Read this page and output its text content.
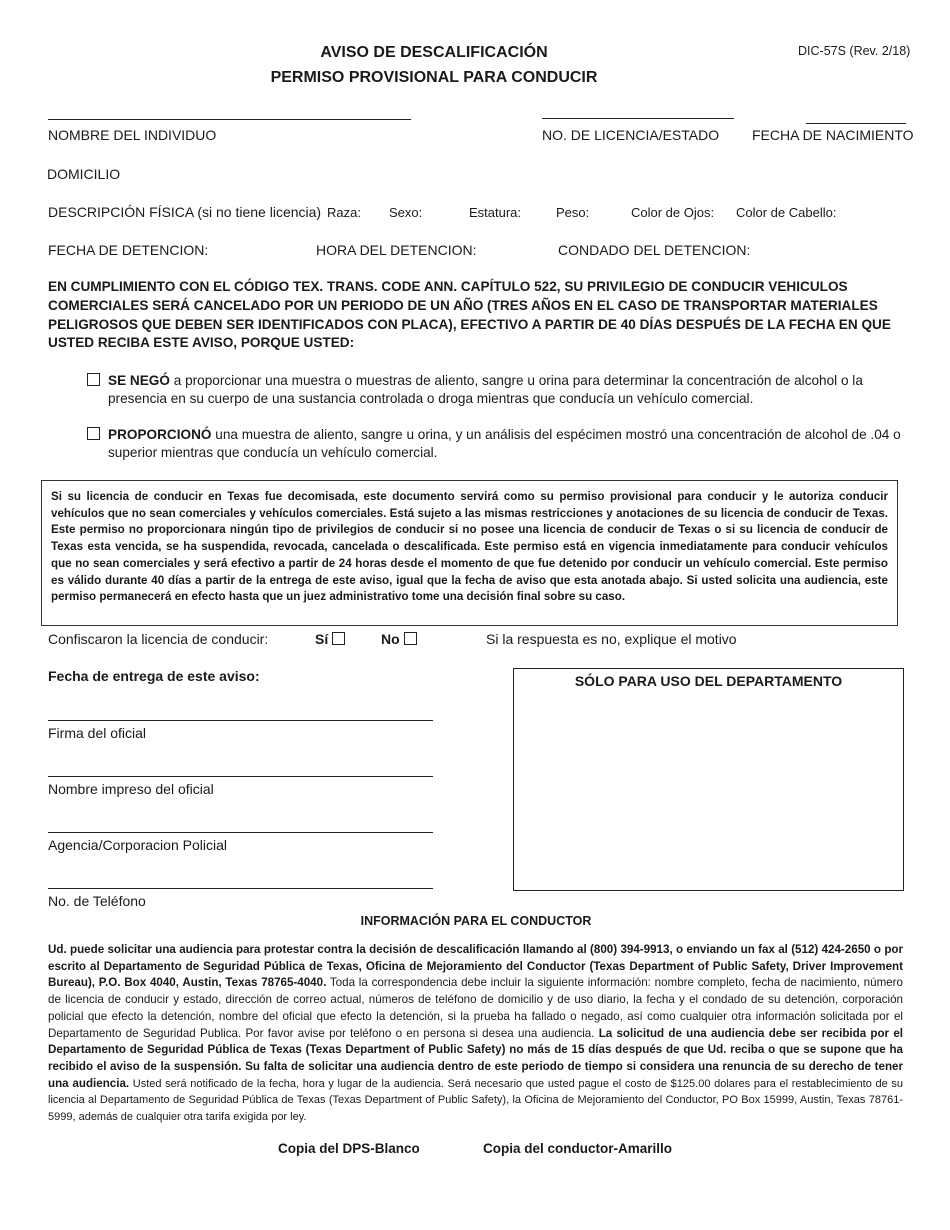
AVISO DE DESCALIFICACIÓN
PERMISO PROVISIONAL PARA CONDUCIR
DIC-57S (Rev. 2/18)
NOMBRE DEL INDIVIDUO	NO. DE LICENCIA/ESTADO FECHA DE NACIMIENTO
DOMICILIO
DESCRIPCIÓN FÍSICA (si no tiene licencia) Raza: Sexo:	Estatura:	Peso:	Color de Ojos: Color de Cabello:
FECHA DE DETENCION:	HORA DEL DETENCION:	CONDADO DEL DETENCION:
EN CUMPLIMIENTO CON EL CÓDIGO TEX. TRANS. CODE ANN. CAPÍTULO 522, SU PRIVILEGIO DE CONDUCIR VEHICULOS COMERCIALES SERÁ CANCELADO POR UN PERIODO DE UN AÑO (TRES AÑOS EN EL CASO DE TRANSPORTAR MATERIALES PELIGROSOS QUE DEBEN SER IDENTIFICADOS CON PLACA), EFECTIVO A PARTIR DE 40 DÍAS DESPUÉS DE LA FECHA EN QUE USTED RECIBA ESTE AVISO, PORQUE USTED:
SE NEGÓ a proporcionar una muestra o muestras de aliento, sangre u orina para determinar la concentración de alcohol o la presencia en su cuerpo de una sustancia controlada o droga mientras que conducía un vehículo comercial.
PROPORCIONÓ una muestra de aliento, sangre u orina, y un análisis del espécimen mostró una concentración de alcohol de .04 o superior mientras que conducía un vehículo comercial.
Si su licencia de conducir en Texas fue decomisada, este documento servirá como su permiso provisional para conducir y le autoriza conducir vehículos que no sean comerciales y vehículos comerciales. Está sujeto a las mismas restricciones y anotaciones de su licencia de conducir de Texas. Este permiso no proporcionara ningún tipo de privilegios de conducir si no posee una licencia de conducir de Texas o si su licencia de conducir de Texas esta vencida, se ha suspendida, revocada, cancelada o descalificada. Este permiso está en vigencia inmediatamente para conducir vehículos que no sean comerciales y será efectivo a partir de 24 horas desde el momento de que fue detenido por conducir un vehículo comercial. Este permiso es válido durante 40 días a partir de la entrega de este aviso, igual que la fecha de aviso que esta anotada abajo. Si usted solicita una audiencia, este permiso permanecerá en efecto hasta que un juez administrativo tome una decisión final sobre su caso.
Confiscaron la licencia de conducir:	Sí	No	Si la respuesta es no, explique el motivo
Fecha de entrega de este aviso:
Firma del oficial
Nombre impreso del oficial
Agencia/Corporacion Policial
No. de Teléfono
SÓLO PARA USO DEL DEPARTAMENTO
INFORMACIÓN PARA EL CONDUCTOR
Ud. puede solicitar una audiencia para protestar contra la decisión de descalificación llamando al (800) 394-9913, o enviando un fax al (512) 424-2650 o por escrito al Departamento de Seguridad Pública de Texas, Oficina de Mejoramiento del Conductor (Texas Department of Public Safety, Driver Improvement Bureau), P.O. Box 4040, Austin, Texas 78765-4040. Toda la correspondencia debe incluir la siguiente información: nombre completo, fecha de nacimiento, número de licencia de conducir y estado, dirección de correo actual, números de teléfono de domicilio y de uso diario, la fecha y el condado de su detención, corporación policial que efecto la detención, nombre del oficial que efecto la detención, si la prueba ha fallado o negado, así como cualquier otra información solicitada por el Departamento de Seguridad Publica. Por favor avise por teléfono o en persona si desea una audiencia. La solicitud de una audiencia debe ser recibida por el Departamento de Seguridad Pública de Texas (Texas Department of Public Safety) no más de 15 días después de que Ud. reciba o que se supone que ha recibido el aviso de la suspensión. Su falta de solicitar una audiencia dentro de este periodo de tiempo si considera una renuncia de su derecho de tener una audiencia. Usted será notificado de la fecha, hora y lugar de la audiencia. Será necesario que usted pague el costo de $125.00 dolares para el restablecimiento de su licencia al Departamento de Seguridad Pública de Texas (Texas Department of Public Safety), la Oficina de Mejoramiento del Conductor, PO Box 15999, Austin, Texas 78761-5999, además de cualquier otra tarifa exigida por ley.
Copia del DPS-Blanco	Copia del conductor-Amarillo
